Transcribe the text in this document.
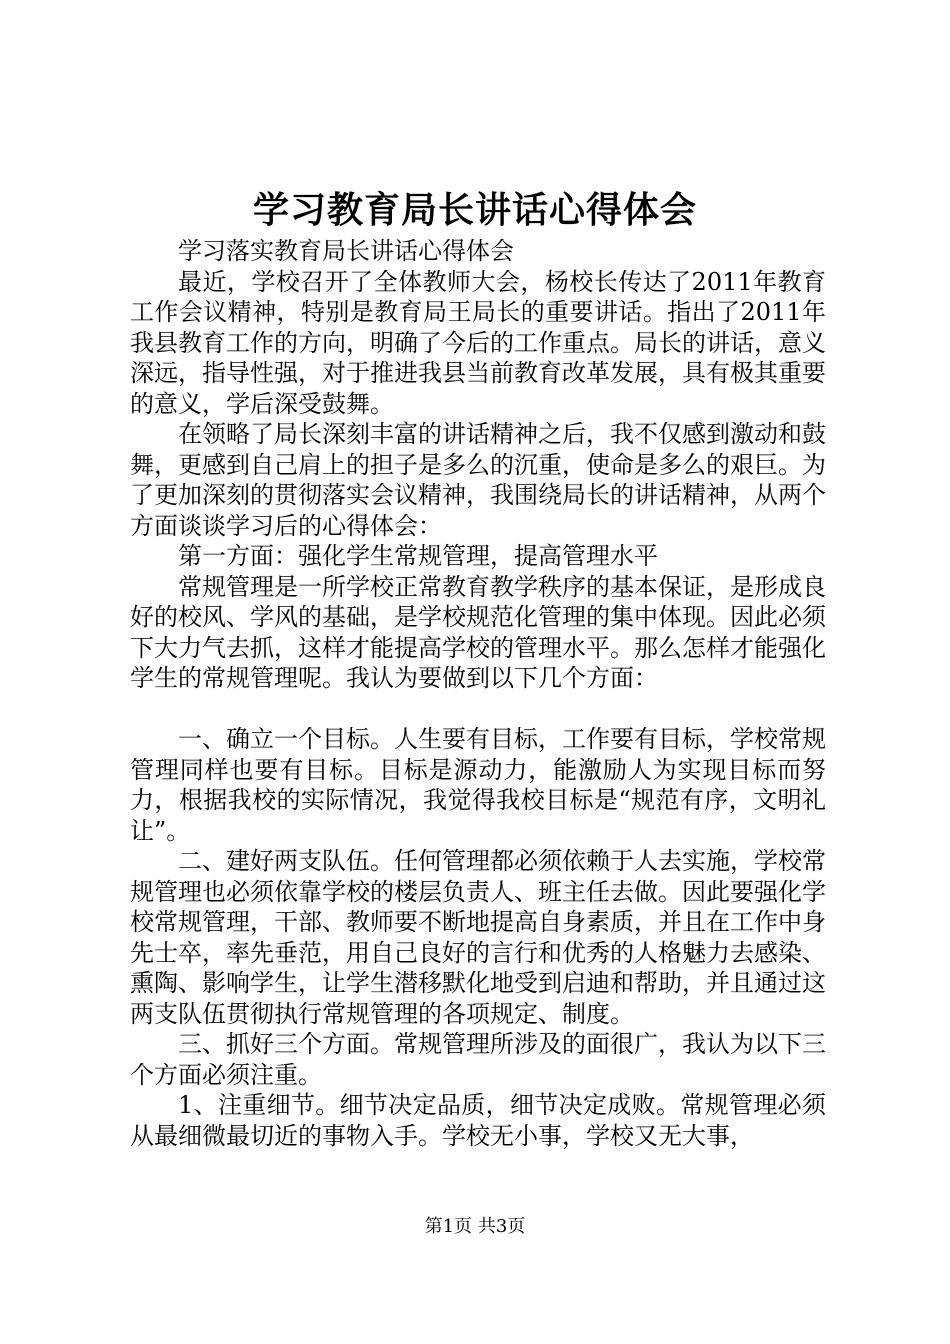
学习教育局长讲话心得体会

学习落实教育局长讲话心得体会

最近，学校召开了全体教师大会，杨校长传达了2011年教育工作会议精神，特别是教育局王局长的重要讲话。指出了2011年我县教育工作的方向，明确了今后的工作重点。局长的讲话，意义深远，指导性强，对于推进我县当前教育改革发展，具有极其重要的意义，学后深受鼓舞。

在领略了局长深刻丰富的讲话精神之后，我不仅感到激动和鼓舞，更感到自己肩上的担子是多么的沉重，使命是多么的艰巨。为了更加深刻的贯彻落实会议精神，我围绕局长的讲话精神，从两个方面谈谈学习后的心得体会：

第一方面：强化学生常规管理，提高管理水平

常规管理是一所学校正常教育教学秩序的基本保证，是形成良好的校风、学风的基础，是学校规范化管理的集中体现。因此必须下大力气去抓，这样才能提高学校的管理水平。那么怎样才能强化学生的常规管理呢。我认为要做到以下几个方面：

一、确立一个目标。人生要有目标，工作要有目标，学校常规管理同样也要有目标。目标是源动力，能激励人为实现目标而努力，根据我校的实际情况，我觉得我校目标是“规范有序，文明礼让”。

二、建好两支队伍。任何管理都必须依赖于人去实施，学校常规管理也必须依靠学校的楼层负责人、班主任去做。因此要强化学校常规管理，干部、教师要不断地提高自身素质，并且在工作中身先士卒，率先垂范，用自己良好的言行和优秀的人格魅力去感染、熏陶、影响学生，让学生潜移默化地受到启迪和帮助，并且通过这两支队伍贯彻执行常规管理的各项规定、制度。

三、抓好三个方面。常规管理所涉及的面很广，我认为以下三个方面必须注重。

1、注重细节。细节决定品质，细节决定成败。常规管理必须从最细微最切近的事物入手。学校无小事，学校又无大事，

第1页 共3页
